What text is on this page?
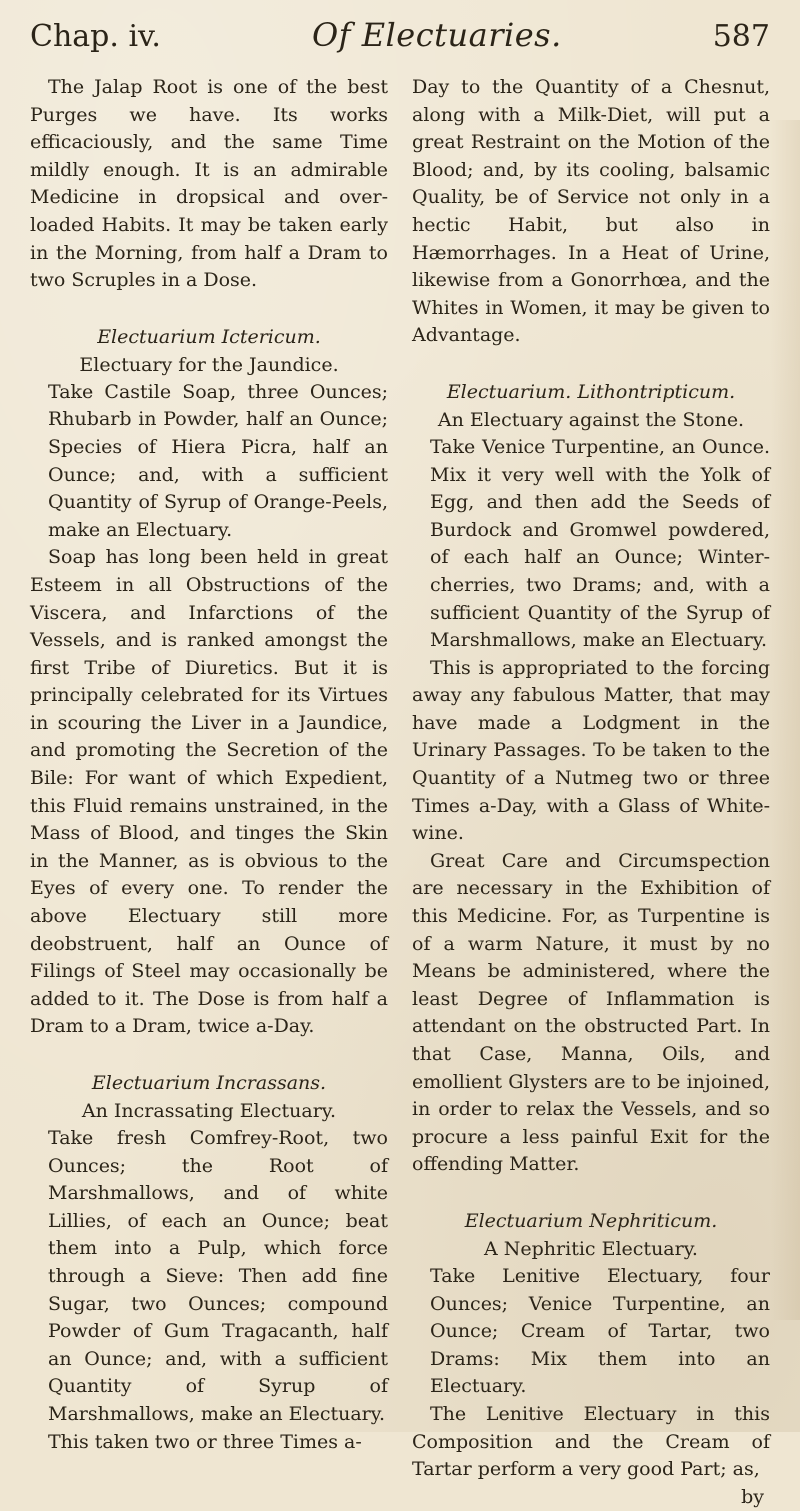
Chap. iv.	Of Electuaries.	587

The Jalap Root is one of the best Purges we have. Its works efficaciously, and the same Time mildly enough. It is an admirable Medicine in dropsical and over-loaded Habits. It may be taken early in the Morning, from half a Dram to two Scruples in a Dose.

Electuarium Ictericum.

Electuary for the Jaundice.

Take Castile Soap, three Ounces; Rhubarb in Powder, half an Ounce; Species of Hiera Picra, half an Ounce; and, with a sufficient Quantity of Syrup of Orange-Peels, make an Electuary.

Soap has long been held in great Esteem in all Obstructions of the Viscera, and Infarctions of the Vessels, and is ranked amongst the first Tribe of Diuretics. But it is principally celebrated for its Virtues in scouring the Liver in a Jaundice, and promoting the Secretion of the Bile: For want of which Expedient, this Fluid remains unstrained, in the Mass of Blood, and tinges the Skin in the Manner, as is obvious to the Eyes of every one. To render the above Electuary still more deobstruent, half an Ounce of Filings of Steel may occasionally be added to it. The Dose is from half a Dram to a Dram, twice a-Day.

Electuarium Incrassans.

An Incrassating Electuary.

Take fresh Comfrey-Root, two Ounces; the Root of Marshmallows, and of white Lillies, of each an Ounce; beat them into a Pulp, which force through a Sieve: Then add fine Sugar, two Ounces; compound Powder of Gum Tragacanth, half an Ounce; and, with a sufficient Quantity of Syrup of Marshmallows, make an Electuary.

This taken two or three Times a-

Day to the Quantity of a Chesnut, along with a Milk-Diet, will put a great Restraint on the Motion of the Blood; and, by its cooling, balsamic Quality, be of Service not only in a hectic Habit, but also in Hæmorrhages. In a Heat of Urine, likewise from a Gonorrhœa, and the Whites in Women, it may be given to Advantage.

Electuarium. Lithontripticum.

An Electuary against the Stone.

Take Venice Turpentine, an Ounce. Mix it very well with the Yolk of Egg, and then add the Seeds of Burdock and Gromwel powdered, of each half an Ounce; Winter-cherries, two Drams; and, with a sufficient Quantity of the Syrup of Marshmallows, make an Electuary.

This is appropriated to the forcing away any fabulous Matter, that may have made a Lodgment in the Urinary Passages. To be taken to the Quantity of a Nutmeg two or three Times a-Day, with a Glass of White-wine.

Great Care and Circumspection are necessary in the Exhibition of this Medicine. For, as Turpentine is of a warm Nature, it must by no Means be administered, where the least Degree of Inflammation is attendant on the obstructed Part. In that Case, Manna, Oils, and emollient Glysters are to be injoined, in order to relax the Vessels, and so procure a less painful Exit for the offending Matter.

Electuarium Nephriticum.

A Nephritic Electuary.

Take Lenitive Electuary, four Ounces; Venice Turpentine, an Ounce; Cream of Tartar, two Drams: Mix them into an Electuary.

The Lenitive Electuary in this Composition and the Cream of Tartar perform a very good Part; as,

by
